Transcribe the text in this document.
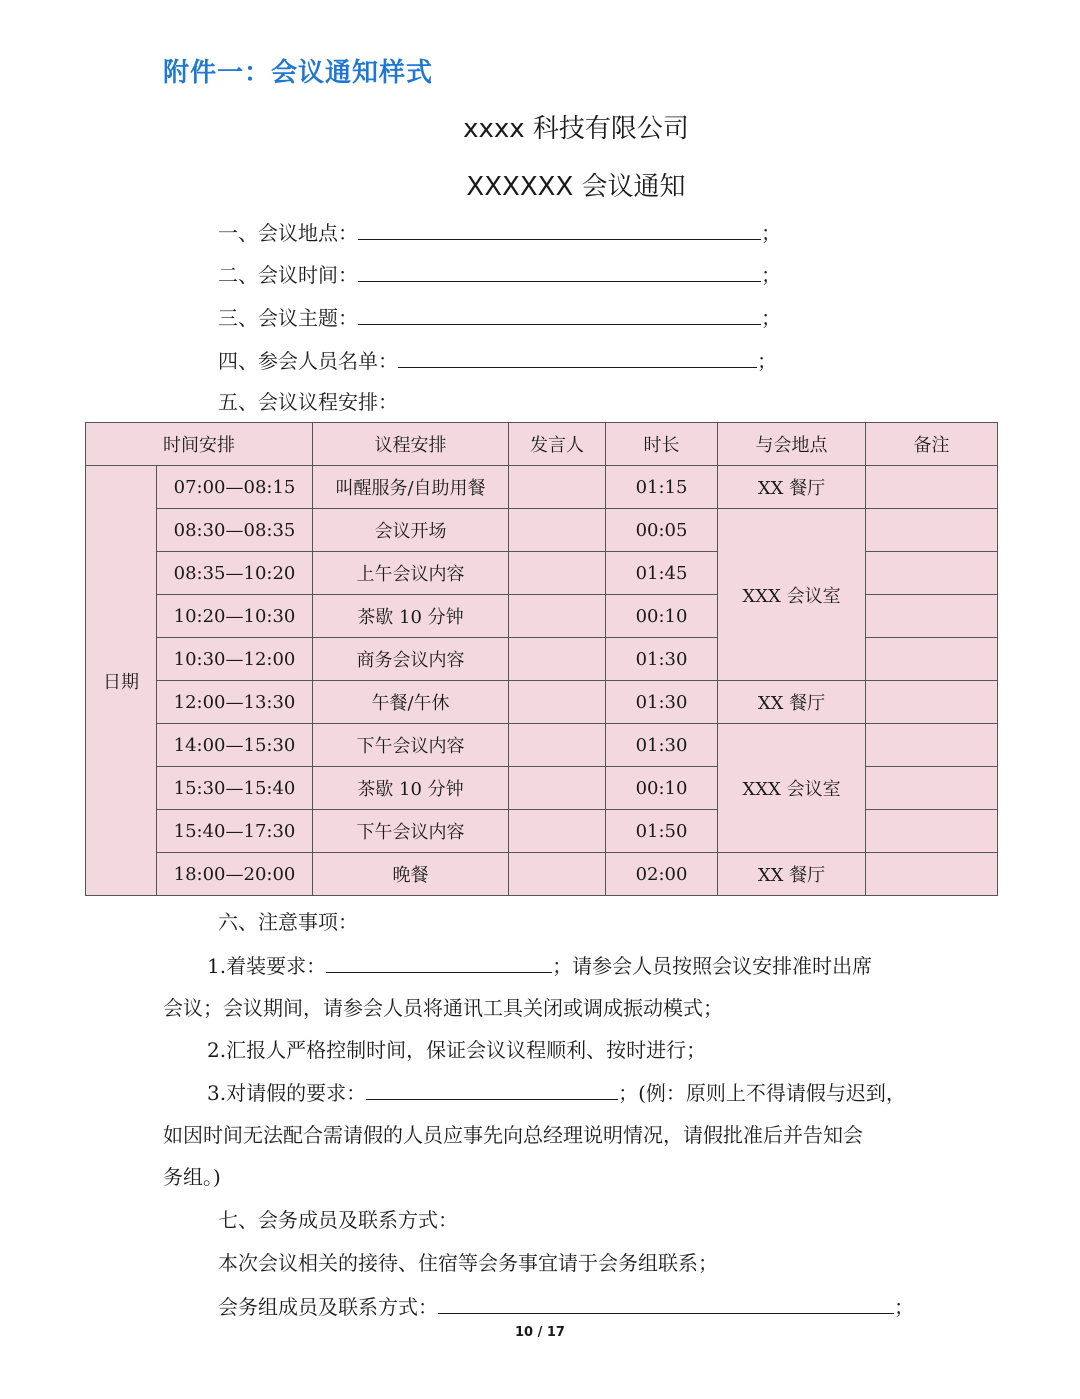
附件一：会议通知样式
xxxx 科技有限公司
XXXXXX 会议通知
一、会议地点：	；
二、会议时间：	；
三、会议主题：	；
四、参会人员名单：	；
五、会议议程安排：
时间安排		议程安排	发言人	时长	与会地点	备注
日期	07:00—08:15	叫醒服务/自助用餐		01:15	XX 餐厅	
	08:30—08:35	会议开场		00:05	XXX 会议室	
	08:35—10:20	上午会议内容		01:45		
	10:20—10:30	茶歇 10 分钟		00:10		
	10:30—12:00	商务会议内容		01:30		
	12:00—13:30	午餐/午休		01:30	XX 餐厅	
	14:00—15:30	下午会议内容		01:30	XXX 会议室	
	15:30—15:40	茶歇 10 分钟		00:10		
	15:40—17:30	下午会议内容		01:50		
	18:00—20:00	晚餐		02:00	XX 餐厅	
六、注意事项：
1.着装要求：	；请参会人员按照会议安排准时出席
会议；会议期间，请参会人员将通讯工具关闭或调成振动模式；
2.汇报人严格控制时间，保证会议议程顺利、按时进行；
3.对请假的要求：	；(例：原则上不得请假与迟到，
如因时间无法配合需请假的人员应事先向总经理说明情况，请假批准后并告知会
务组。)
七、会务成员及联系方式：
本次会议相关的接待、住宿等会务事宜请于会务组联系；
会务组成员及联系方式：	；
10 / 17
